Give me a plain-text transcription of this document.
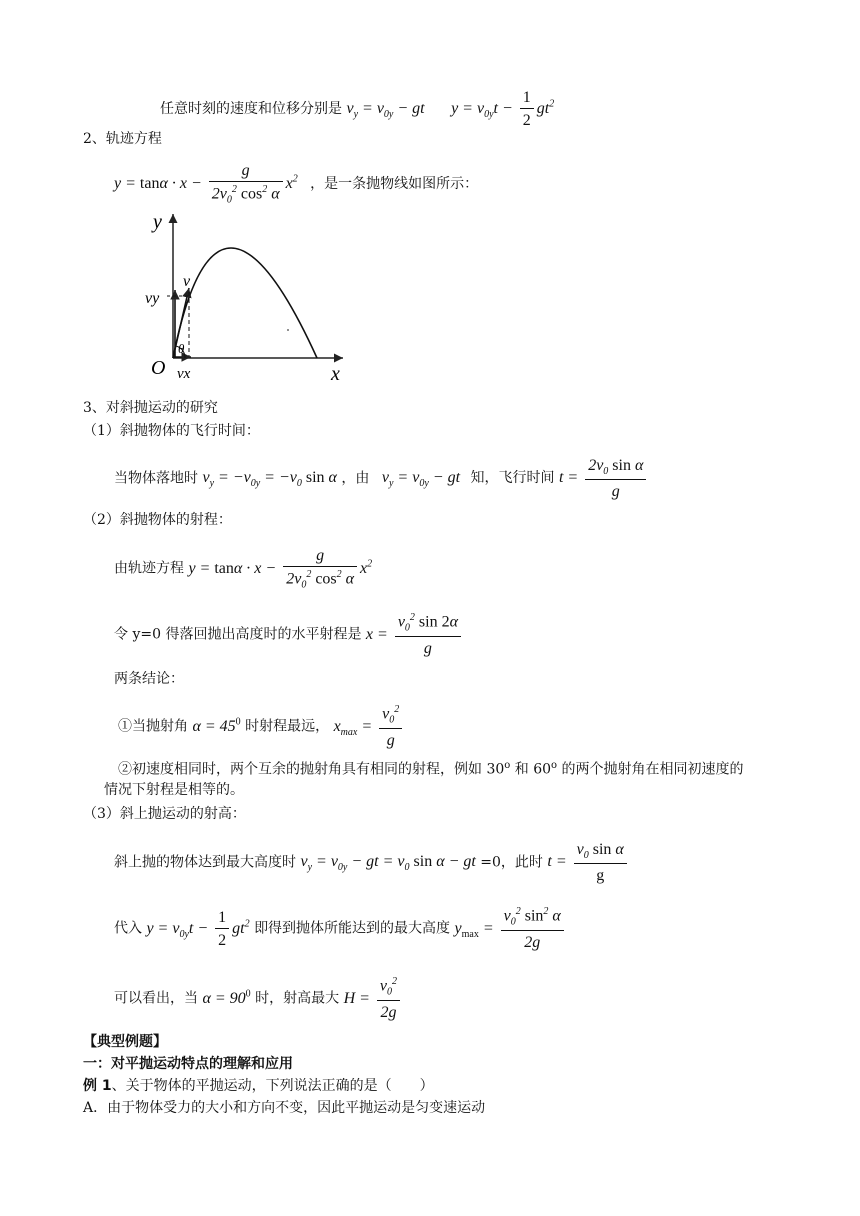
任意时刻的速度和位移分别是 $v_y = v_{0y}$ − gt $y = v_{0y}t - \frac{1}{2} gt^2$
2、轨迹方程
$y = \tan\alpha \cdot x - \frac{g}{2v_0^2 \cos^2 \alpha} x^2$ ，是一条抛物线如图所示：
y
x
O
v
vy
vx
θ
3、对斜抛运动的研究
（1）斜抛物体的飞行时间：
当物体落地时 $v_y = -v_{0y} = -v_0$ sin α ，由 $v_y = v_{0y}$ − gt 知，飞行时间 $t = \frac{2v_0 \sin \alpha}{g}$
（2）斜抛物体的射程：
由轨迹方程 $y = \tan\alpha \cdot x - \frac{g}{2v_0^2 \cos^2 \alpha} x^2$
令 y=0 得落回抛出高度时的水平射程是 $x = \frac{v_0^2 \sin 2\alpha}{g}$
两条结论：
①当抛射角 $\alpha = 45^0$ 时射程最远， $x_{max} = \frac{v_0^2}{g}$
②初速度相同时，两个互余的抛射角具有相同的射程，例如 30$^o$ 和 60$^o$ 的两个抛射角在相同初速度的
情况下射程是相等的。
（3）斜上抛运动的射高：
斜上抛的物体达到最大高度时 $v_y = v_{0y}$ − gt = $v_0$ sin α − gt =0，此时 $t = \frac{v_0 \sin \alpha}{g}$
代入 $y = v_{0y}t - \frac{1}{2} gt^2$ 即得到抛体所能达到的最大高度 $y_{max} = \frac{v_0^2 \sin^2 \alpha}{2g}$
可以看出，当 $\alpha = 90^0$ 时，射高最大 $H = \frac{v_0^2}{2g}$
【典型例题】
一：对平抛运动特点的理解和应用
例 1、关于物体的平抛运动，下列说法正确的是（　　）
A．由于物体受力的大小和方向不变，因此平抛运动是匀变速运动
